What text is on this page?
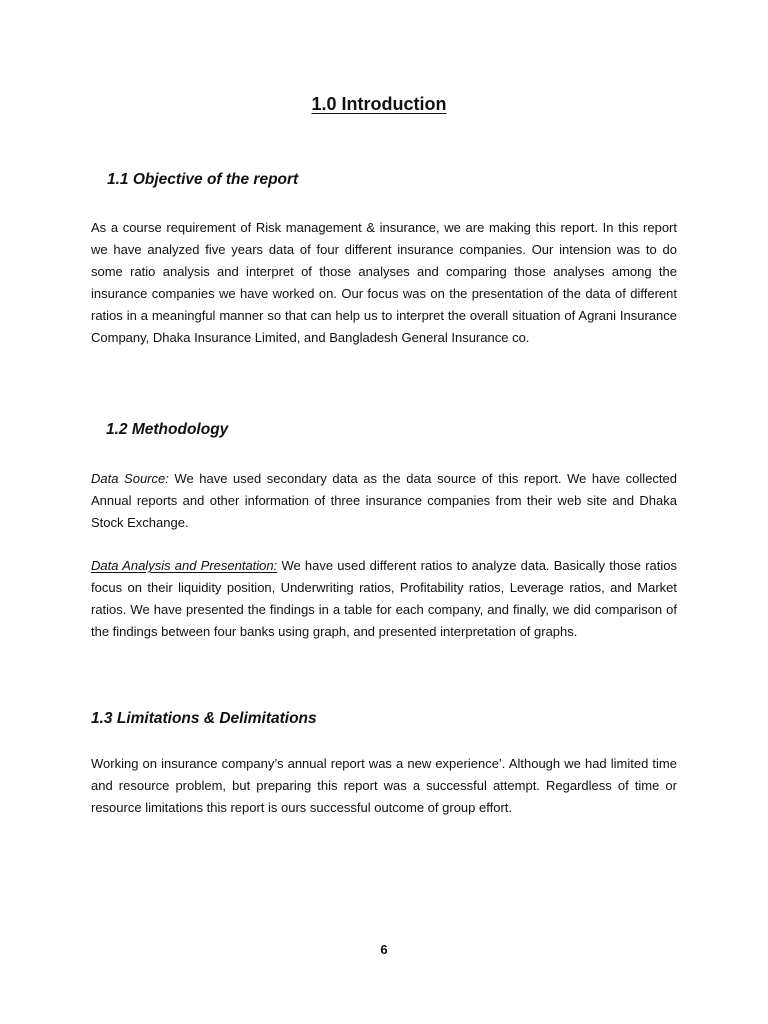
1.0 Introduction
1.1 Objective of the report

As a course requirement of Risk management & insurance, we are making this report. In this report we have analyzed five years data of four different insurance companies. Our intension was to do some ratio analysis and interpret of those analyses and comparing those analyses among the insurance companies we have worked on. Our focus was on the presentation of the data of different ratios in a meaningful manner so that can help us to interpret the overall situation of Agrani Insurance Company, Dhaka Insurance Limited, and Bangladesh General Insurance co.

1.2 Methodology

Data Source: We have used secondary data as the data source of this report. We have collected Annual reports and other information of three insurance companies from their web site and Dhaka Stock Exchange.

Data Analysis and Presentation: We have used different ratios to analyze data. Basically those ratios focus on their liquidity position, Underwriting ratios, Profitability ratios, Leverage ratios, and Market ratios. We have presented the findings in a table for each company, and finally, we did comparison of the findings between four banks using graph, and presented interpretation of graphs.

1.3 Limitations & Delimitations

Working on insurance company’s annual report was a new experience’. Although we had limited time and resource problem, but preparing this report was a successful attempt. Regardless of time or resource limitations this report is ours successful outcome of group effort.

6
